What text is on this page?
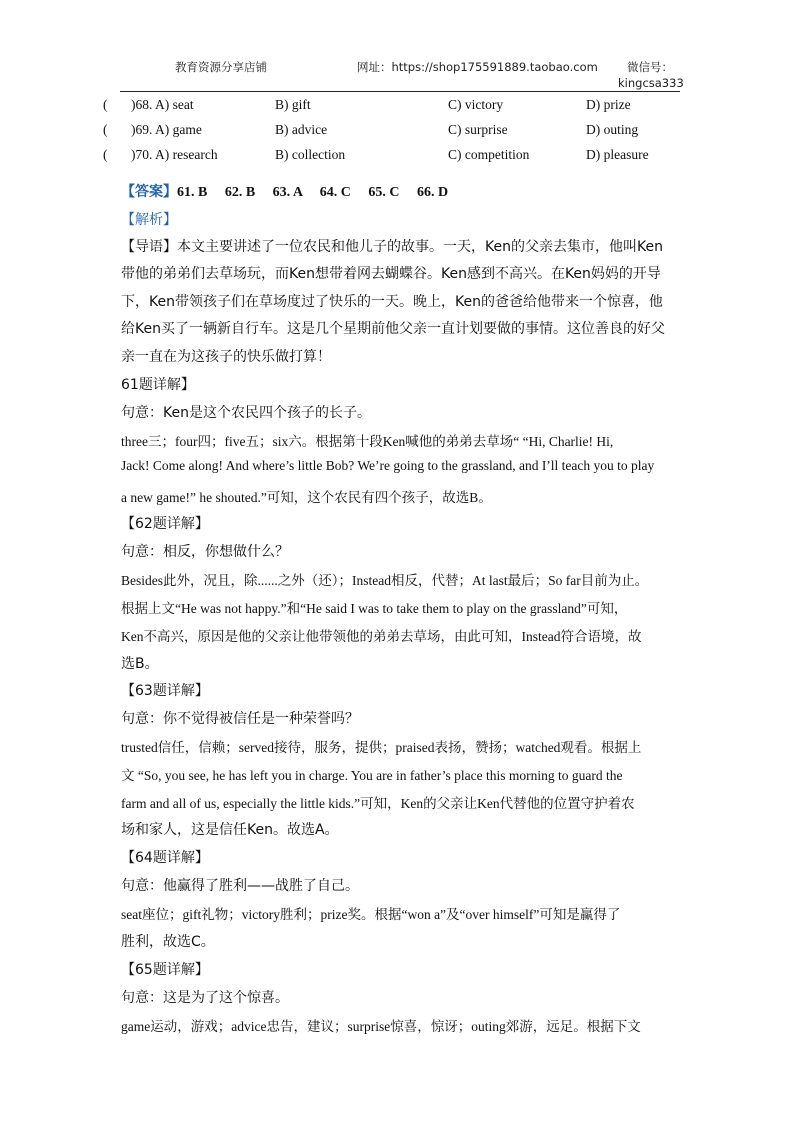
教育资源分享店铺	网址：https://shop175591889.taobao.com	微信号：
kingcsa333
( )68. A) seat	B) gift	C) victory	D) prize
( )69. A) game	B) advice	C) surprise	D) outing
( )70. A) research	B) collection	C) competition	D) pleasure
【答案】61. B　 62. B　 63. A　 64. C　 65. C　 66. D
【解析】
【导语】本文主要讲述了一位农民和他儿子的故事。一天，Ken的父亲去集市，他叫Ken
带他的弟弟们去草场玩，而Ken想带着网去蝴蝶谷。Ken感到不高兴。在Ken妈妈的开导
下，Ken带领孩子们在草场度过了快乐的一天。晚上，Ken的爸爸给他带来一个惊喜，他
给Ken买了一辆新自行车。这是几个星期前他父亲一直计划要做的事情。这位善良的好父
亲一直在为这孩子的快乐做打算！
61题详解】
句意：Ken是这个农民四个孩子的长子。
three三；four四；five五；six六。根据第十段Ken喊他的弟弟去草场“ “Hi, Charlie! Hi,
Jack! Come along! And where’s little Bob? We’re going to the grassland, and I’ll teach you to play
a new game!” he shouted.”可知，这个农民有四个孩子，故选B。
【62题详解】
句意：相反，你想做什么？
Besides此外，况且，除......之外（还）；Instead相反，代替；At last最后；So far目前为止。
根据上文“He was not happy.”和“He said I was to take them to play on the grassland”可知，
Ken不高兴，原因是他的父亲让他带领他的弟弟去草场，由此可知，Instead符合语境，故
选B。
【63题详解】
句意：你不觉得被信任是一种荣誉吗？
trusted信任，信赖；served接待，服务，提供；praised表扬，赞扬；watched观看。根据上
文 “So, you see, he has left you in charge. You are in father’s place this morning to guard the
farm and all of us, especially the little kids.”可知，Ken的父亲让Ken代替他的位置守护着农
场和家人，这是信任Ken。故选A。
【64题详解】
句意：他赢得了胜利——战胜了自己。
seat座位；gift礼物；victory胜利；prize奖。根据“won a”及“over himself”可知是赢得了
胜利，故选C。
【65题详解】
句意：这是为了这个惊喜。
game运动，游戏；advice忠告，建议；surprise惊喜，惊讶；outing郊游，远足。根据下文
